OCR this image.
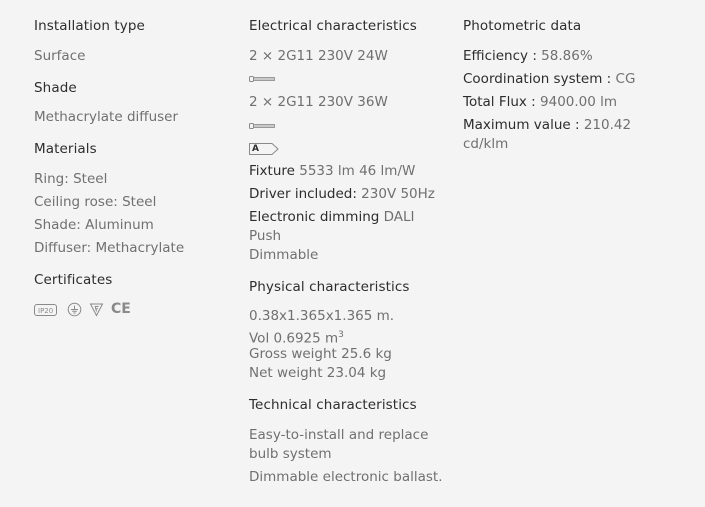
Installation type
Surface
Shade
Methacrylate diffuser
Materials
Ring: Steel
Ceiling rose: Steel
Shade: Aluminum
Diffuser: Methacrylate
Certificates
IP20	CE
Electrical characteristics
2 × 2G11 230V 24W
2 × 2G11 230V 36W
A
Fixture 5533 lm 46 lm/W
Driver included: 230V 50Hz
Electronic dimming DALI
Push
Dimmable
Physical characteristics
0.38x1.365x1.365 m.
Vol 0.6925 $m^3$
Gross weight 25.6 kg
Net weight 23.04 kg
Technical characteristics
Easy-to-install and replace
bulb system
Dimmable electronic ballast.
Photometric data
Efficiency : 58.86%
Coordination system : CG
Total Flux : 9400.00 lm
Maximum value : 210.42
cd/klm
